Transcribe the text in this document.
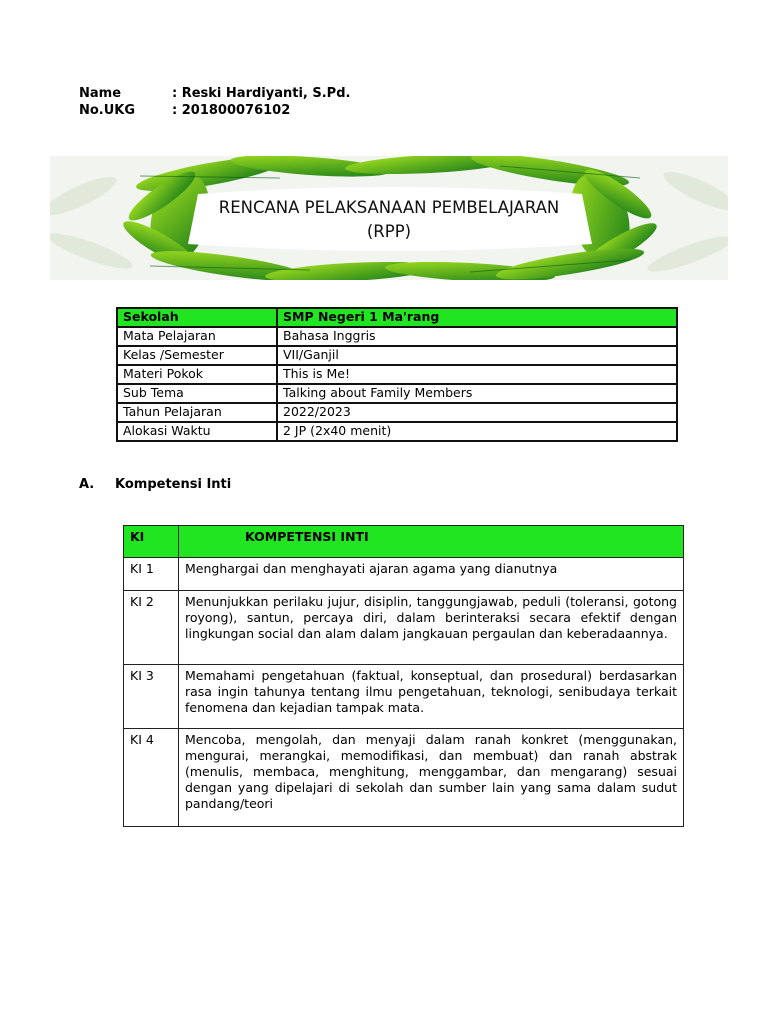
Name	: Reski Hardiyanti, S.Pd.
No.UKG	: 201800076102
RENCANA PELAKSANAAN PEMBELAJARAN
(RPP)
Sekolah	SMP Negeri 1 Ma'rang
Mata Pelajaran	Bahasa Inggris
Kelas /Semester	VII/Ganjil
Materi Pokok	This is Me!
Sub Tema	Talking about Family Members
Tahun Pelajaran	2022/2023
Alokasi Waktu	2 JP (2x40 menit)
A. Kompetensi Inti
KI	KOMPETENSI INTI
KI 1	Menghargai dan menghayati ajaran agama yang dianutnya
KI 2	Menunjukkan perilaku jujur, disiplin, tanggungjawab, peduli (toleransi, gotong royong), santun, percaya diri, dalam berinteraksi secara efektif dengan lingkungan social dan alam dalam jangkauan pergaulan dan keberadaannya.
KI 3	Memahami pengetahuan (faktual, konseptual, dan prosedural) berdasarkan rasa ingin tahunya tentang ilmu pengetahuan, teknologi, senibudaya terkait fenomena dan kejadian tampak mata.
KI 4	Mencoba, mengolah, dan menyaji dalam ranah konkret (menggunakan, mengurai, merangkai, memodifikasi, dan membuat) dan ranah abstrak (menulis, membaca, menghitung, menggambar, dan mengarang) sesuai dengan yang dipelajari di sekolah dan sumber lain yang sama dalam sudut pandang/teori
